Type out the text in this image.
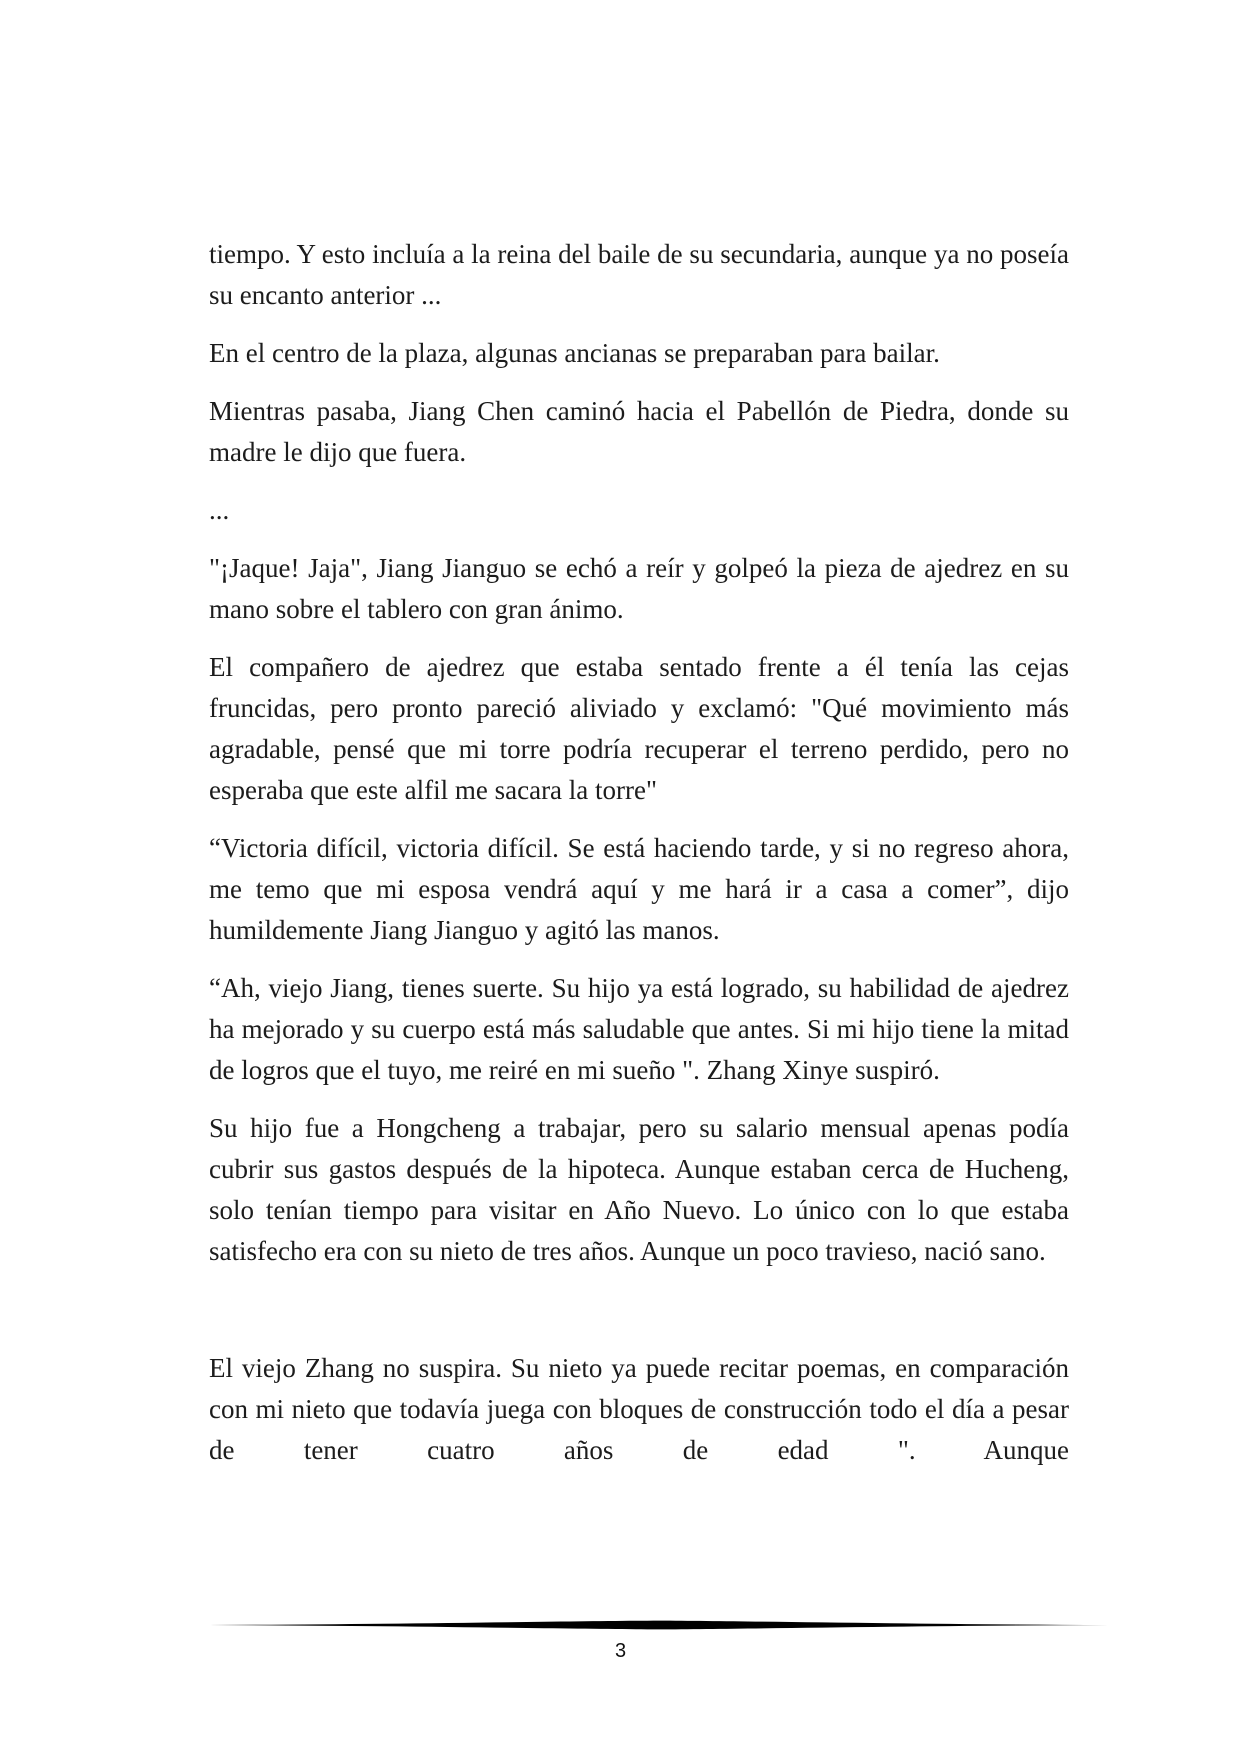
tiempo. Y esto incluía a la reina del baile de su secundaria, aunque ya no poseía su encanto anterior ...

En el centro de la plaza, algunas ancianas se preparaban para bailar.

Mientras pasaba, Jiang Chen caminó hacia el Pabellón de Piedra, donde su madre le dijo que fuera.

...

"¡Jaque! Jaja", Jiang Jianguo se echó a reír y golpeó la pieza de ajedrez en su mano sobre el tablero con gran ánimo.

El compañero de ajedrez que estaba sentado frente a él tenía las cejas fruncidas, pero pronto pareció aliviado y exclamó: "Qué movimiento más agradable, pensé que mi torre podría recuperar el terreno perdido, pero no esperaba que este alfil me sacara la torre"

“Victoria difícil, victoria difícil. Se está haciendo tarde, y si no regreso ahora, me temo que mi esposa vendrá aquí y me hará ir a casa a comer”, dijo humildemente Jiang Jianguo y agitó las manos.

“Ah, viejo Jiang, tienes suerte. Su hijo ya está logrado, su habilidad de ajedrez ha mejorado y su cuerpo está más saludable que antes. Si mi hijo tiene la mitad de logros que el tuyo, me reiré en mi sueño ". Zhang Xinye suspiró.

Su hijo fue a Hongcheng a trabajar, pero su salario mensual apenas podía cubrir sus gastos después de la hipoteca. Aunque estaban cerca de Hucheng, solo tenían tiempo para visitar en Año Nuevo. Lo único con lo que estaba satisfecho era con su nieto de tres años. Aunque un poco travieso, nació sano.

El viejo Zhang no suspira. Su nieto ya puede recitar poemas, en comparación con mi nieto que todavía juega con bloques de construcción todo el día a pesar de tener cuatro años de edad ". Aunque

3
